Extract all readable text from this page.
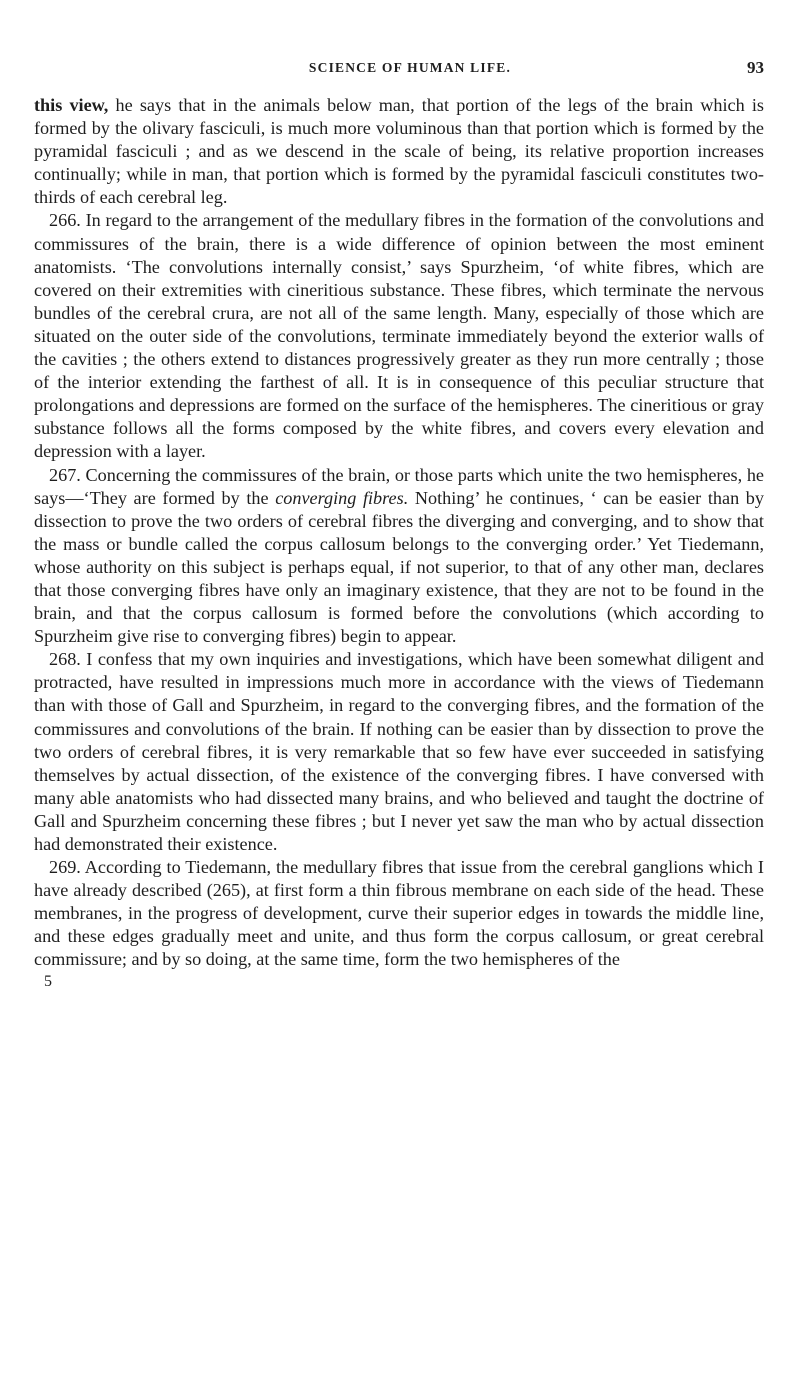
SCIENCE OF HUMAN LIFE.	93

this view, he says that in the animals below man, that portion of the legs of the brain which is formed by the olivary fasciculi, is much more voluminous than that portion which is formed by the pyramidal fasciculi ; and as we descend in the scale of being, its relative proportion increases continually; while in man, that portion which is formed by the pyramidal fasciculi constitutes two-thirds of each cerebral leg.

266. In regard to the arrangement of the medullary fibres in the formation of the convolutions and commissures of the brain, there is a wide difference of opinion between the most eminent anatomists. ‘The convolutions internally consist,’ says Spurzheim, ‘of white fibres, which are covered on their extremities with cineritious substance. These fibres, which terminate the nervous bundles of the cerebral crura, are not all of the same length. Many, especially of those which are situated on the outer side of the convolutions, terminate immediately beyond the exterior walls of the cavities ; the others extend to distances progressively greater as they run more centrally ; those of the interior extending the farthest of all. It is in consequence of this peculiar structure that prolongations and depressions are formed on the surface of the hemispheres. The cineritious or gray substance follows all the forms composed by the white fibres, and covers every elevation and depression with a layer.

267. Concerning the commissures of the brain, or those parts which unite the two hemispheres, he says—‘They are formed by the converging fibres. Nothing’ he continues, ‘ can be easier than by dissection to prove the two orders of cerebral fibres the diverging and converging, and to show that the mass or bundle called the corpus callosum belongs to the converging order.’ Yet Tiedemann, whose authority on this subject is perhaps equal, if not superior, to that of any other man, declares that those converging fibres have only an imaginary existence, that they are not to be found in the brain, and that the corpus callosum is formed before the convolutions (which according to Spurzheim give rise to converging fibres) begin to appear.

268. I confess that my own inquiries and investigations, which have been somewhat diligent and protracted, have resulted in impressions much more in accordance with the views of Tiedemann than with those of Gall and Spurzheim, in regard to the converging fibres, and the formation of the commissures and convolutions of the brain. If nothing can be easier than by dissection to prove the two orders of cerebral fibres, it is very remarkable that so few have ever succeeded in satisfying themselves by actual dissection, of the existence of the converging fibres. I have conversed with many able anatomists who had dissected many brains, and who believed and taught the doctrine of Gall and Spurzheim concerning these fibres ; but I never yet saw the man who by actual dissection had demonstrated their existence.

269. According to Tiedemann, the medullary fibres that issue from the cerebral ganglions which I have already described (265), at first form a thin fibrous membrane on each side of the head. These membranes, in the progress of development, curve their superior edges in towards the middle line, and these edges gradually meet and unite, and thus form the corpus callosum, or great cerebral commissure; and by so doing, at the same time, form the two hemispheres of the

5
